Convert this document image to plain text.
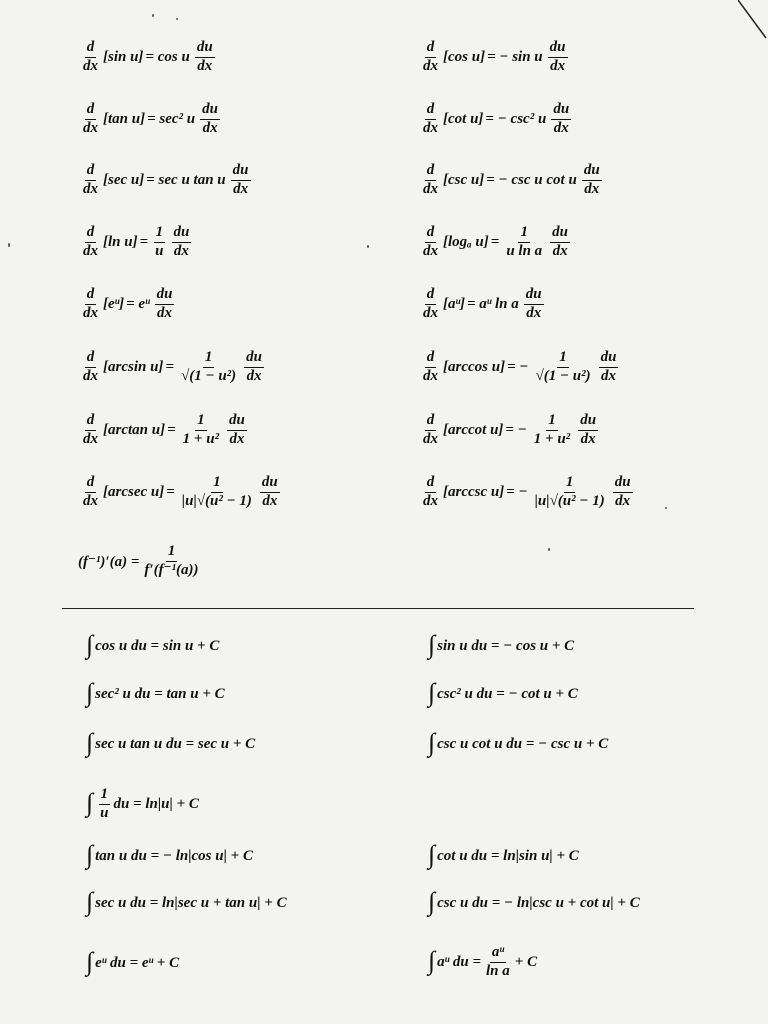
$\frac{d}{dx} [\sin$ u] = cos u $\frac{du}{dx}$	$\frac{d}{dx} [\cos$ u] = − sin u $\frac{du}{dx}$
$\frac{d}{dx} [\tan$ u] = sec² u $\frac{du}{dx}$	$\frac{d}{dx} [\cot$ u] = − csc² u $\frac{du}{dx}$
$\frac{d}{dx} [\sec$ u] = sec u tan u $\frac{du}{dx}$	$\frac{d}{dx} [\csc$ u] = − csc u cot u $\frac{du}{dx}$
$\frac{d}{dx} [\ln$ $u] = \frac{1}{u} \frac{du}{dx}$	$\frac{d}{dx} [\log_a$ $u] = \frac{1}{\text{u ln a}} \frac{du}{dx}$
$\frac{d}{dx}$ [eᵘ] = eᵘ $\frac{du}{dx}$	$\frac{d}{dx}$ [aᵘ] = aᵘ ln a $\frac{du}{dx}$
$\frac{d}{dx} [\arcsin$ $u] = \frac{1}{\text{√(1 − u²)}} \frac{du}{dx}$	$\frac{d}{dx} [\arccos$ u] = − $\frac{1}{\text{√(1 − u²)}} \frac{du}{dx}$
$\frac{d}{dx} [\arctan$ $u] = \frac{1}{\text{1 + u²}} \frac{du}{dx}$	$\frac{d}{dx} [arccot$ u] = − $\frac{1}{\text{1 + u²}} \frac{du}{dx}$
$\frac{d}{dx} [arcsec$ $u] = \frac{1}{\text{|u|√(u² − 1)}} \frac{du}{dx}$	$\frac{d}{dx} [arccsc$ u] = − $\frac{1}{\text{|u|√(u² − 1)}} \frac{du}{dx}$
$(f^{-1})'(a) = \frac{1}{\text{f′(f⁻¹(a))}}$
∫ cos u du = sin u + C	∫ sin u du = − cos u + C
∫ sec² u du = tan u + C	∫ csc² u du = − cot u + C
∫ sec u tan u du = sec u + C	∫ csc u cot u du = − csc u + C
∫ $\frac{1}{u}$ du = ln|u| + C
∫ tan u du = − ln|cos u| + C	∫ cot u du = ln|sin u| + C
∫ sec u du = ln|sec u + tan u| + C	∫ csc u du = − ln|csc u + cot u| + C
∫ eᵘ du = eᵘ + C	∫ aᵘ du = $\frac{\text{aᵘ}}{\text{ln a}} + C$
